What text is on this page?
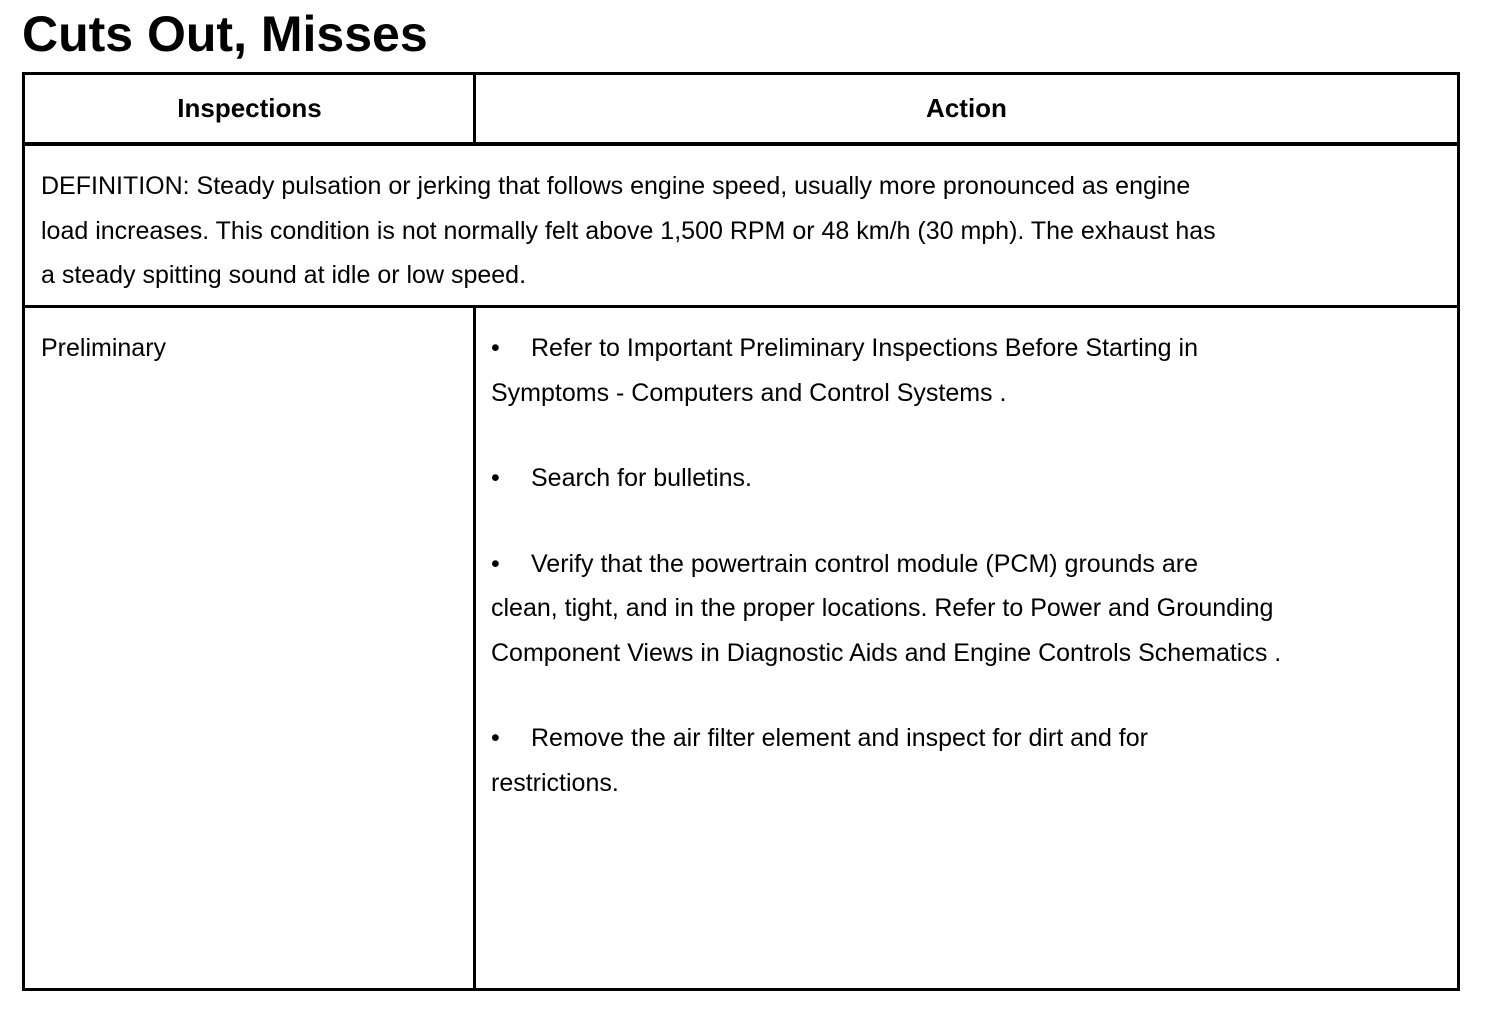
Cuts Out, Misses
Inspections	Action

DEFINITION: Steady pulsation or jerking that follows engine speed, usually more pronounced as engine
load increases. This condition is not normally felt above 1,500 RPM or 48 km/h (30 mph). The exhaust has
a steady spitting sound at idle or low speed.

Preliminary	• Refer to Important Preliminary Inspections Before Starting in
Symptoms - Computers and Control Systems .

• Search for bulletins.

• Verify that the powertrain control module (PCM) grounds are
clean, tight, and in the proper locations. Refer to Power and Grounding
Component Views in Diagnostic Aids and Engine Controls Schematics .

• Remove the air filter element and inspect for dirt and for
restrictions.
